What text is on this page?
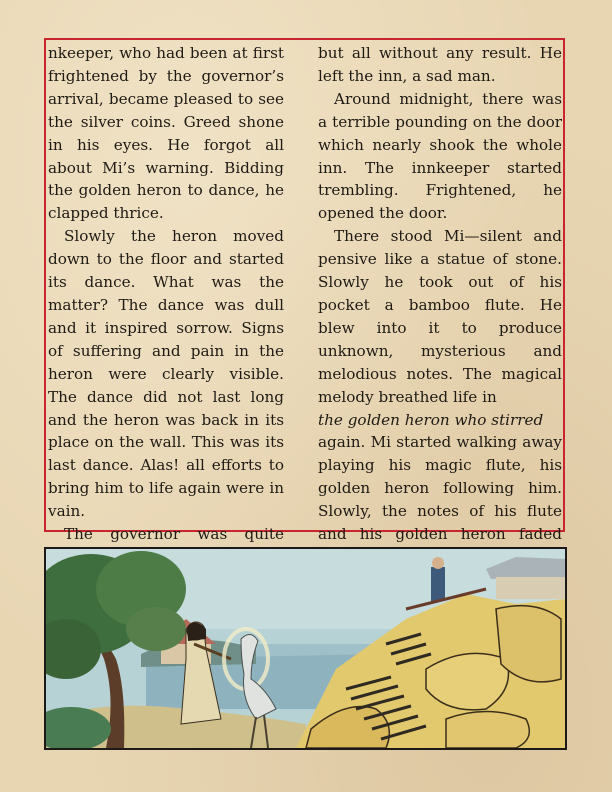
nkeeper, who had been at first frightened by the governor’s arrival, became pleased to see the silver coins. Greed shone in his eyes. He forgot all about Mi’s warning. Bidding the golden heron to dance, he clapped thrice.

Slowly the heron moved down to the floor and started its dance. What was the matter? The dance was dull and it inspired sorrow. Signs of suffering and pain in the heron were clearly visible. The dance did not last long and the heron was back in its place on the wall. This was its last dance. Alas! all efforts to bring him to life again were in vain.

The governor was quite

but all without any result. He left the inn, a sad man.

Around midnight, there was a terrible pounding on the door which nearly shook the whole inn. The innkeeper started trembling. Frightened, he opened the door.

There stood Mi—silent and pensive like a statue of stone. Slowly he took out of his pocket a bamboo flute. He blew into it to produce unknown, mysterious and melodious notes. The magical melody breathed life in

the golden heron who stirred

again. Mi started walking away playing his magic flute, his golden heron following him. Slowly, the notes of his flute and his golden heron faded
